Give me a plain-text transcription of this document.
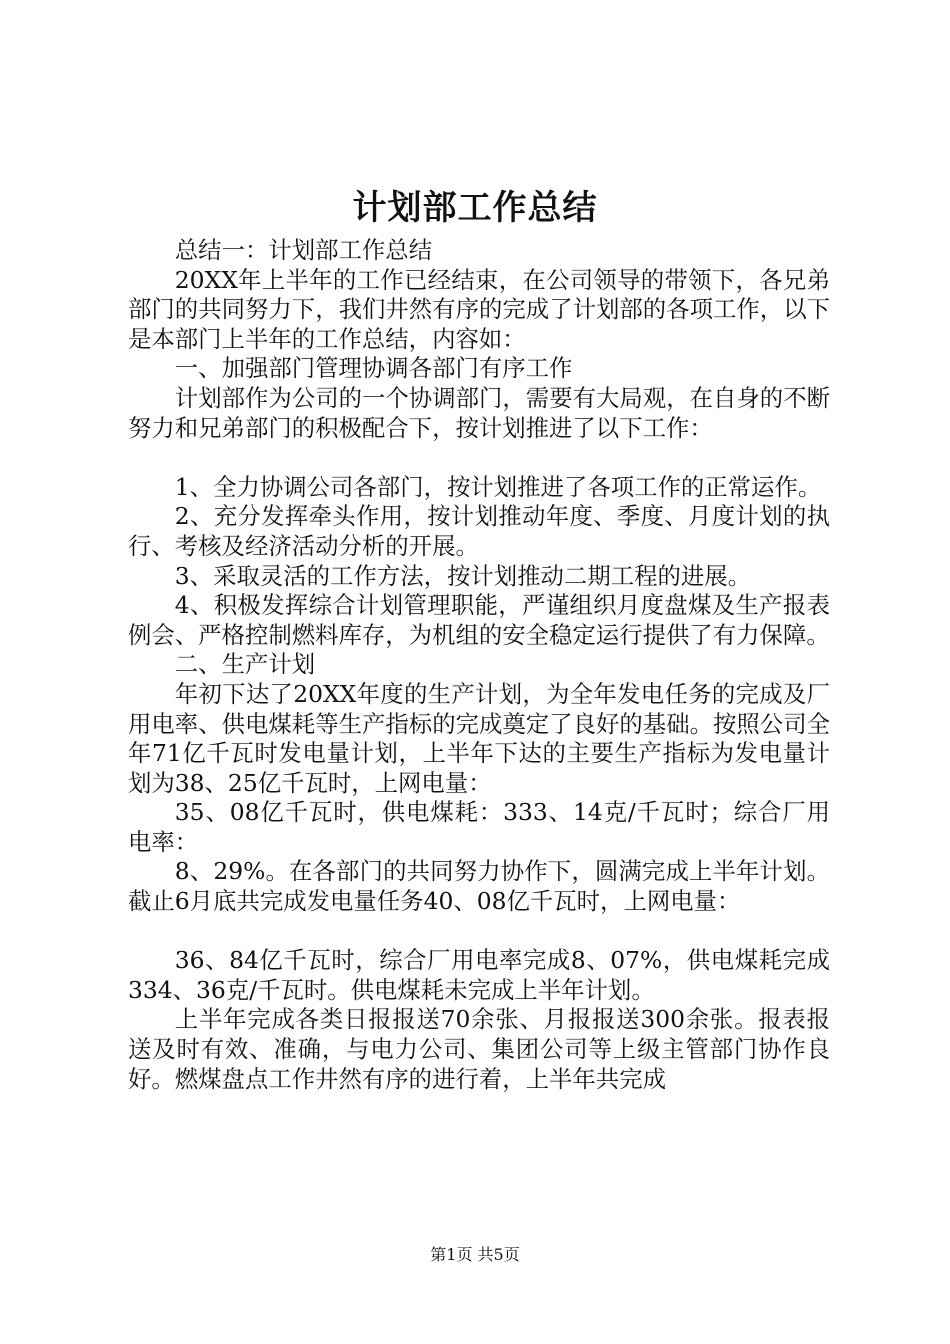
计划部工作总结

总结一：计划部工作总结

20XX年上半年的工作已经结束，在公司领导的带领下，各兄弟部门的共同努力下，我们井然有序的完成了计划部的各项工作，以下是本部门上半年的工作总结，内容如：

一、加强部门管理协调各部门有序工作

计划部作为公司的一个协调部门，需要有大局观，在自身的不断努力和兄弟部门的积极配合下，按计划推进了以下工作：

1、全力协调公司各部门，按计划推进了各项工作的正常运作。

2、充分发挥牵头作用，按计划推动年度、季度、月度计划的执行、考核及经济活动分析的开展。

3、采取灵活的工作方法，按计划推动二期工程的进展。

4、积极发挥综合计划管理职能，严谨组织月度盘煤及生产报表例会、严格控制燃料库存，为机组的安全稳定运行提供了有力保障。

二、生产计划

年初下达了20XX年度的生产计划，为全年发电任务的完成及厂用电率、供电煤耗等生产指标的完成奠定了良好的基础。按照公司全年71亿千瓦时发电量计划，上半年下达的主要生产指标为发电量计划为38、25亿千瓦时，上网电量：

35、08亿千瓦时，供电煤耗：333、14克/千瓦时；综合厂用电率：

8、29%。在各部门的共同努力协作下，圆满完成上半年计划。截止6月底共完成发电量任务40、08亿千瓦时，上网电量：

36、84亿千瓦时，综合厂用电率完成8、07%，供电煤耗完成334、36克/千瓦时。供电煤耗未完成上半年计划。

上半年完成各类日报报送70余张、月报报送300余张。报表报送及时有效、准确，与电力公司、集团公司等上级主管部门协作良好。燃煤盘点工作井然有序的进行着，上半年共完成

第1页 共5页
